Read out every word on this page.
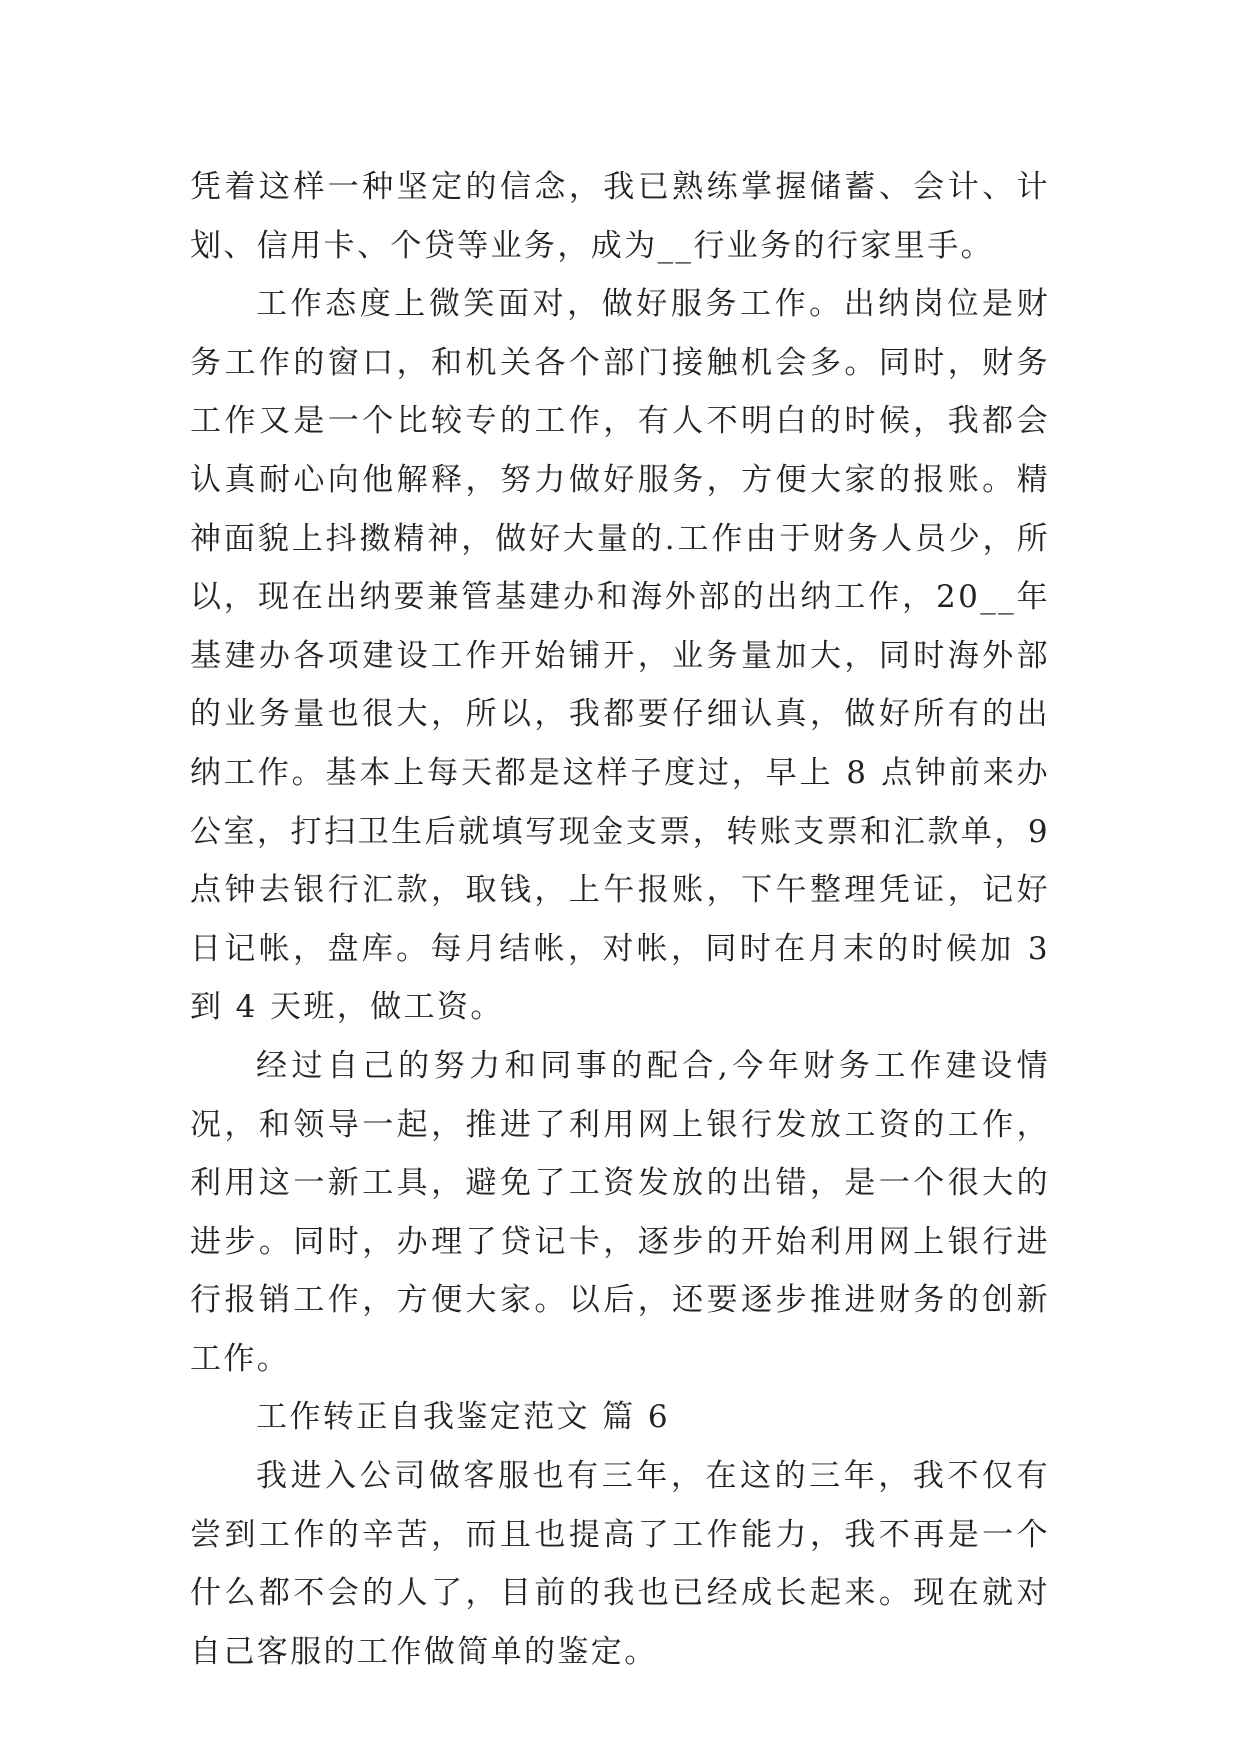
凭着这样一种坚定的信念，我已熟练掌握储蓄、会计、计划、信用卡、个贷等业务，成为__行业务的行家里手。

工作态度上微笑面对，做好服务工作。出纳岗位是财务工作的窗口，和机关各个部门接触机会多。同时，财务工作又是一个比较专的工作，有人不明白的时候，我都会认真耐心向他解释，努力做好服务，方便大家的报账。精神面貌上抖擞精神，做好大量的.工作由于财务人员少，所以，现在出纳要兼管基建办和海外部的出纳工作，20__年基建办各项建设工作开始铺开，业务量加大，同时海外部的业务量也很大，所以，我都要仔细认真，做好所有的出纳工作。基本上每天都是这样子度过，早上 8 点钟前来办公室，打扫卫生后就填写现金支票，转账支票和汇款单，9 点钟去银行汇款，取钱，上午报账，下午整理凭证，记好日记帐，盘库。每月结帐，对帐，同时在月末的时候加 3 到 4 天班，做工资。

经过自己的努力和同事的配合,今年财务工作建设情况，和领导一起，推进了利用网上银行发放工资的工作，利用这一新工具，避免了工资发放的出错，是一个很大的进步。同时，办理了贷记卡，逐步的开始利用网上银行进行报销工作，方便大家。以后，还要逐步推进财务的创新工作。

工作转正自我鉴定范文 篇 6

我进入公司做客服也有三年，在这的三年，我不仅有尝到工作的辛苦，而且也提高了工作能力，我不再是一个什么都不会的人了，目前的我也已经成长起来。现在就对自己客服的工作做简单的鉴定。
